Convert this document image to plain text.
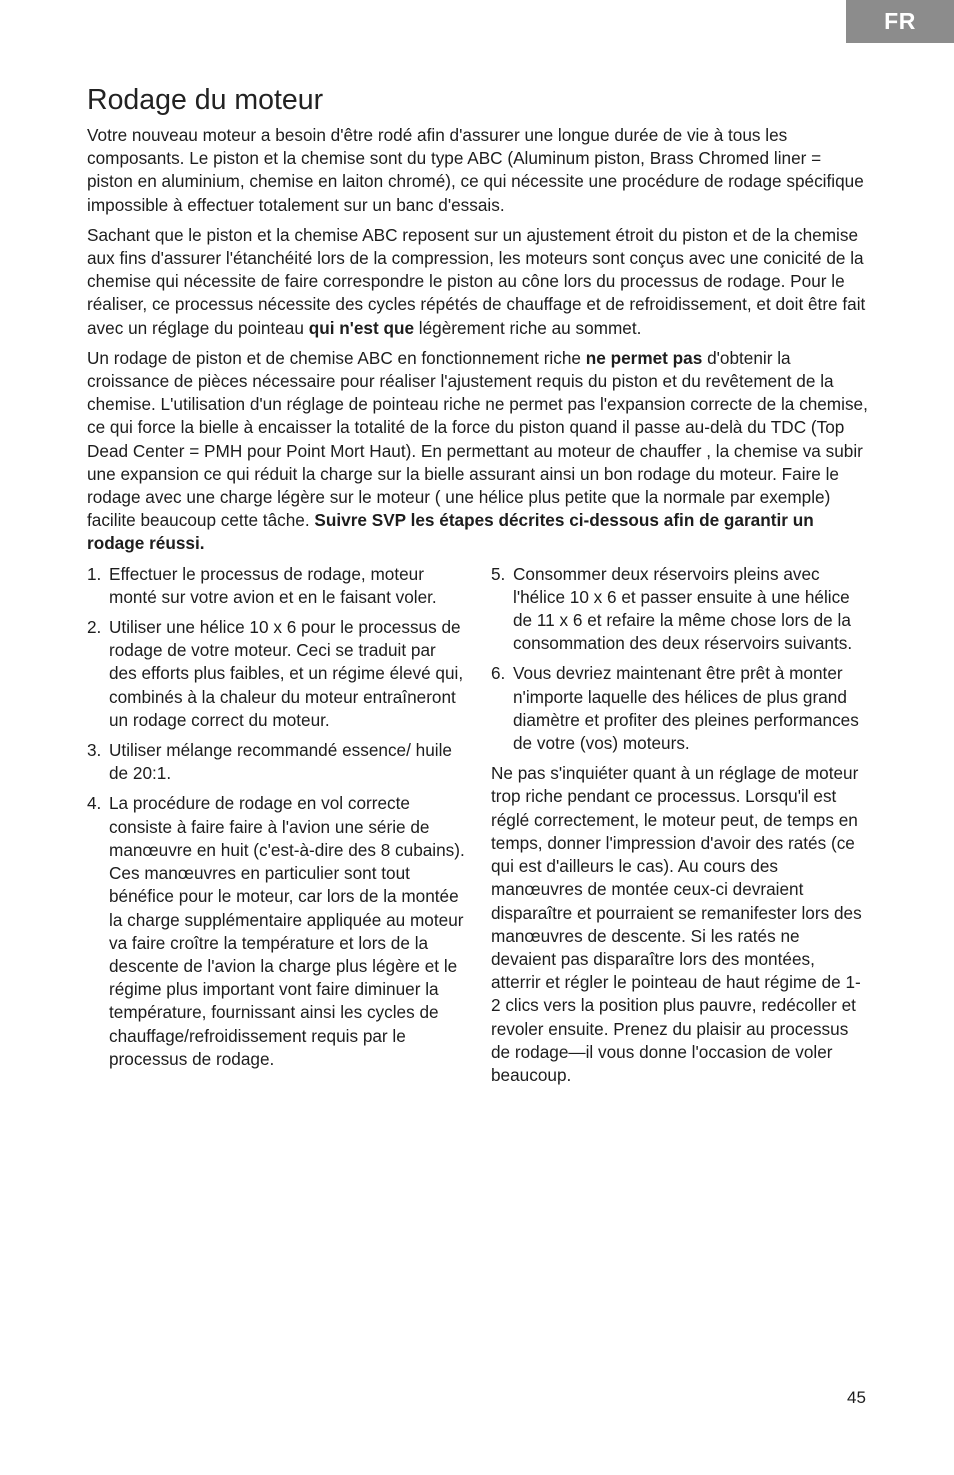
FR
Rodage du moteur

Votre nouveau moteur a besoin d'être rodé afin d'assurer une longue durée de vie à tous les composants. Le piston et la chemise sont du type ABC (Aluminum piston, Brass Chromed liner = piston en aluminium, chemise en laiton chromé), ce qui nécessite une procédure de rodage spécifique impossible à effectuer totalement sur un banc d'essais.

Sachant que le piston et la chemise ABC reposent sur un ajustement étroit du piston et de la chemise aux fins d'assurer l'étanchéité lors de la compression, les moteurs sont conçus avec une conicité de la chemise qui nécessite de faire correspondre le piston au cône lors du processus de rodage. Pour le réaliser, ce processus nécessite des cycles répétés de chauffage et de refroidissement, et doit être fait avec un réglage du pointeau qui n'est que légèrement riche au sommet.

Un rodage de piston et de chemise ABC en fonctionnement riche ne permet pas d'obtenir la croissance de pièces nécessaire pour réaliser l'ajustement requis du piston et du revêtement de la chemise. L'utilisation d'un réglage de pointeau riche ne permet pas l'expansion correcte de la chemise, ce qui force la bielle à encaisser la totalité de la force du piston quand il passe au-delà du TDC (Top Dead Center = PMH pour Point Mort Haut). En permettant au moteur de chauffer , la chemise va subir une expansion ce qui réduit la charge sur la bielle assurant ainsi un bon rodage du moteur. Faire le rodage avec une charge légère sur le moteur ( une hélice plus petite que la normale par exemple) facilite beaucoup cette tâche. Suivre SVP les étapes décrites ci-dessous afin de garantir un rodage réussi.

1. Effectuer le processus de rodage, moteur monté sur votre avion et en le faisant voler.
2. Utiliser une hélice 10 x 6 pour le processus de rodage de votre moteur. Ceci se traduit par des efforts plus faibles, et un régime élevé qui, combinés à la chaleur du moteur entraîneront un rodage correct du moteur.
3. Utiliser mélange recommandé essence/ huile de 20:1.
4. La procédure de rodage en vol correcte consiste à faire faire à l'avion une série de manœuvre en huit (c'est-à-dire des 8 cubains). Ces manœuvres en particulier sont tout bénéfice pour le moteur, car lors de la montée la charge supplémentaire appliquée au moteur va faire croître la température et lors de la descente de l'avion la charge plus légère et le régime plus important vont faire diminuer la température, fournissant ainsi les cycles de chauffage/refroidissement requis par le processus de rodage.
5. Consommer deux réservoirs pleins avec l'hélice 10 x 6 et passer ensuite à une hélice de 11 x 6 et refaire la même chose lors de la consommation des deux réservoirs suivants.
6. Vous devriez maintenant être prêt à monter n'importe laquelle des hélices de plus grand diamètre et profiter des pleines performances de votre (vos) moteurs.

Ne pas s'inquiéter quant à un réglage de moteur trop riche pendant ce processus. Lorsqu'il est réglé correctement, le moteur peut, de temps en temps, donner l'impression d'avoir des ratés (ce qui est d'ailleurs le cas). Au cours des manœuvres de montée ceux-ci devraient disparaître et pourraient se remanifester lors des manœuvres de descente. Si les ratés ne devaient pas disparaître lors des montées, atterrir et régler le pointeau de haut régime de 1-2 clics vers la position plus pauvre, redécoller et revoler ensuite. Prenez du plaisir au processus de rodage—il vous donne l'occasion de voler beaucoup.

45
